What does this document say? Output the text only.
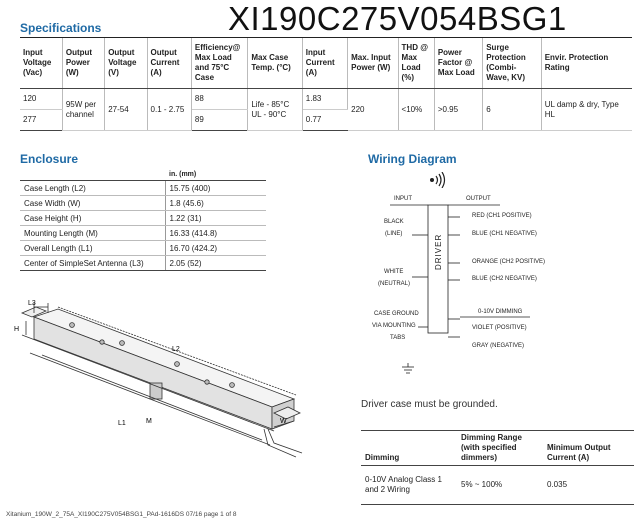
XI190C275V054BSG1
Specifications
Input Voltage (Vac)	Output Power (W)	Output Voltage (V)	Output Current (A)	Efficiency@ Max Load and 75°C Case	Max Case Temp. (°C)	Input Current (A)	Max. Input Power (W)	THD @ Max Load (%)	Power Factor @ Max Load	Surge Protection (Combi-Wave, KV)	Envir. Protection Rating
120	95W per channel	27-54	0.1 - 2.75	88	Life - 85°C UL - 90°C	1.83	220	<10%	>0.95	6	UL damp & dry, Type HL
277				89		0.77					
Enclosure
	in. (mm)
Case Length (L2)	15.75 (400)
Case Width (W)	1.8 (45.6)
Case Height (H)	1.22 (31)
Mounting Length (M)	16.33 (414.8)
Overall Length (L1)	16.70 (424.2)
Center of SimpleSet Antenna (L3)	2.05 (52)
L3
H
L2
L1	M	W
Wiring Diagram
INPUT	OUTPUT
DRIVER
BLACK
(LINE)
WHITE
(NEUTRAL)
CASE GROUND
VIA MOUNTING
TABS
RED (CH1 POSITIVE)
BLUE (CH1 NEGATIVE)
ORANGE (CH2 POSITIVE)
BLUE (CH2 NEGATIVE)
0-10V DIMMING
VIOLET (POSITIVE)
GRAY (NEGATIVE)
Driver case must be grounded.
Dimming	Dimming Range (with specified dimmers)	Minimum Output Current (A)
0-10V Analog Class 1 and 2 Wiring	5% ~ 100%	0.035
Xitanium_190W_2_75A_XI190C275V054BSG1_PAd-1616DS 07/16 page 1 of 8
